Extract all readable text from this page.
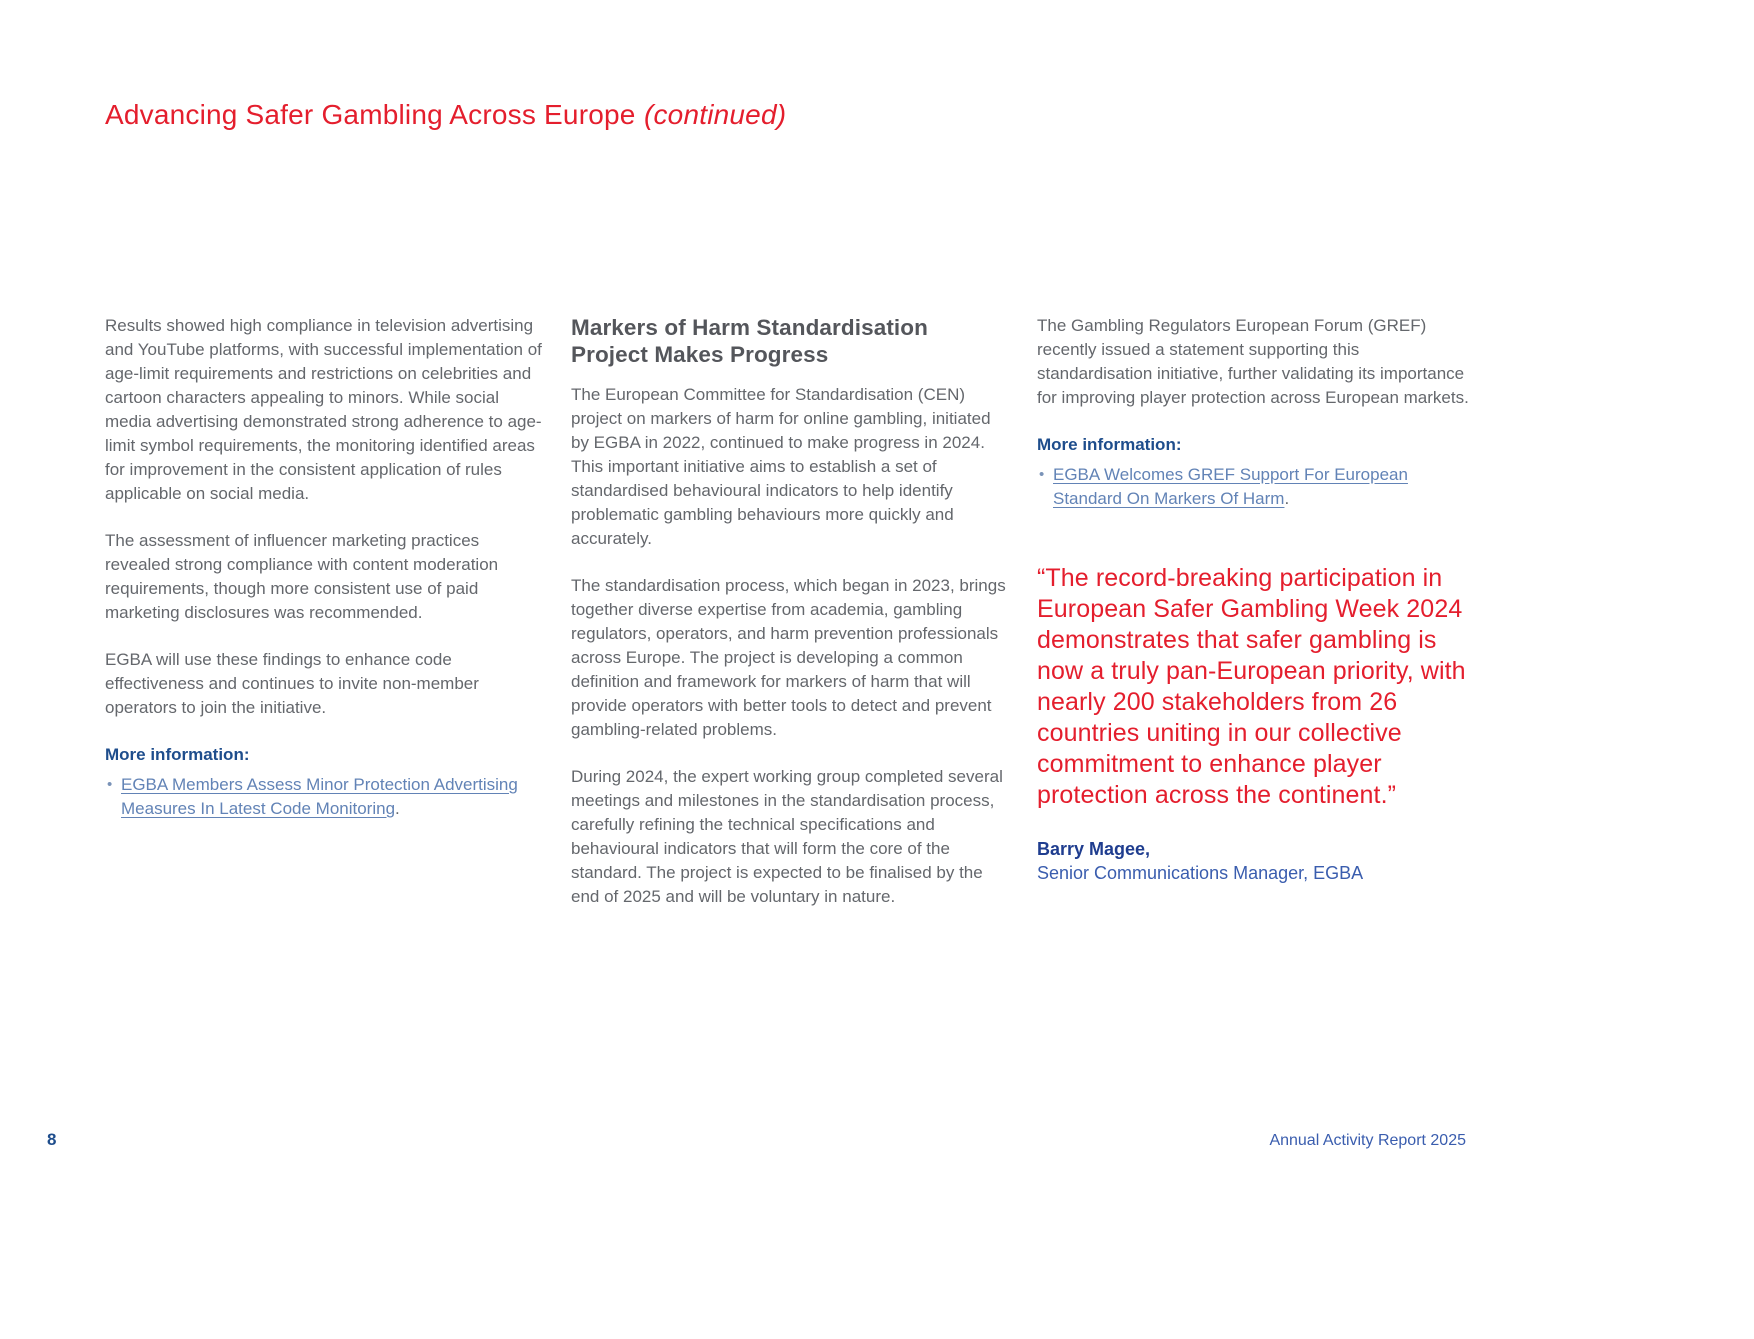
Advancing Safer Gambling Across Europe (continued)

Results showed high compliance in television advertising and YouTube platforms, with successful implementation of age-limit requirements and restrictions on celebrities and cartoon characters appealing to minors. While social media advertising demonstrated strong adherence to age-limit symbol requirements, the monitoring identified areas for improvement in the consistent application of rules applicable on social media.

The assessment of influencer marketing practices revealed strong compliance with content moderation requirements, though more consistent use of paid marketing disclosures was recommended.

EGBA will use these findings to enhance code effectiveness and continues to invite non-member operators to join the initiative.

More information:

• EGBA Members Assess Minor Protection Advertising Measures In Latest Code Monitoring.
Markers of Harm Standardisation Project Makes Progress

The European Committee for Standardisation (CEN) project on markers of harm for online gambling, initiated by EGBA in 2022, continued to make progress in 2024. This important initiative aims to establish a set of standardised behavioural indicators to help identify problematic gambling behaviours more quickly and accurately.

The standardisation process, which began in 2023, brings together diverse expertise from academia, gambling regulators, operators, and harm prevention professionals across Europe. The project is developing a common definition and framework for markers of harm that will provide operators with better tools to detect and prevent gambling-related problems.

During 2024, the expert working group completed several meetings and milestones in the standardisation process, carefully refining the technical specifications and behavioural indicators that will form the core of the standard. The project is expected to be finalised by the end of 2025 and will be voluntary in nature.

The Gambling Regulators European Forum (GREF) recently issued a statement supporting this standardisation initiative, further validating its importance for improving player protection across European markets.

More information:

• EGBA Welcomes GREF Support For European Standard On Markers Of Harm.

“The record-breaking participation in European Safer Gambling Week 2024 demonstrates that safer gambling is now a truly pan-European priority, with nearly 200 stakeholders from 26 countries uniting in our collective commitment to enhance player protection across the continent.”

Barry Magee,
Senior Communications Manager, EGBA
8	Annual Activity Report 2025
